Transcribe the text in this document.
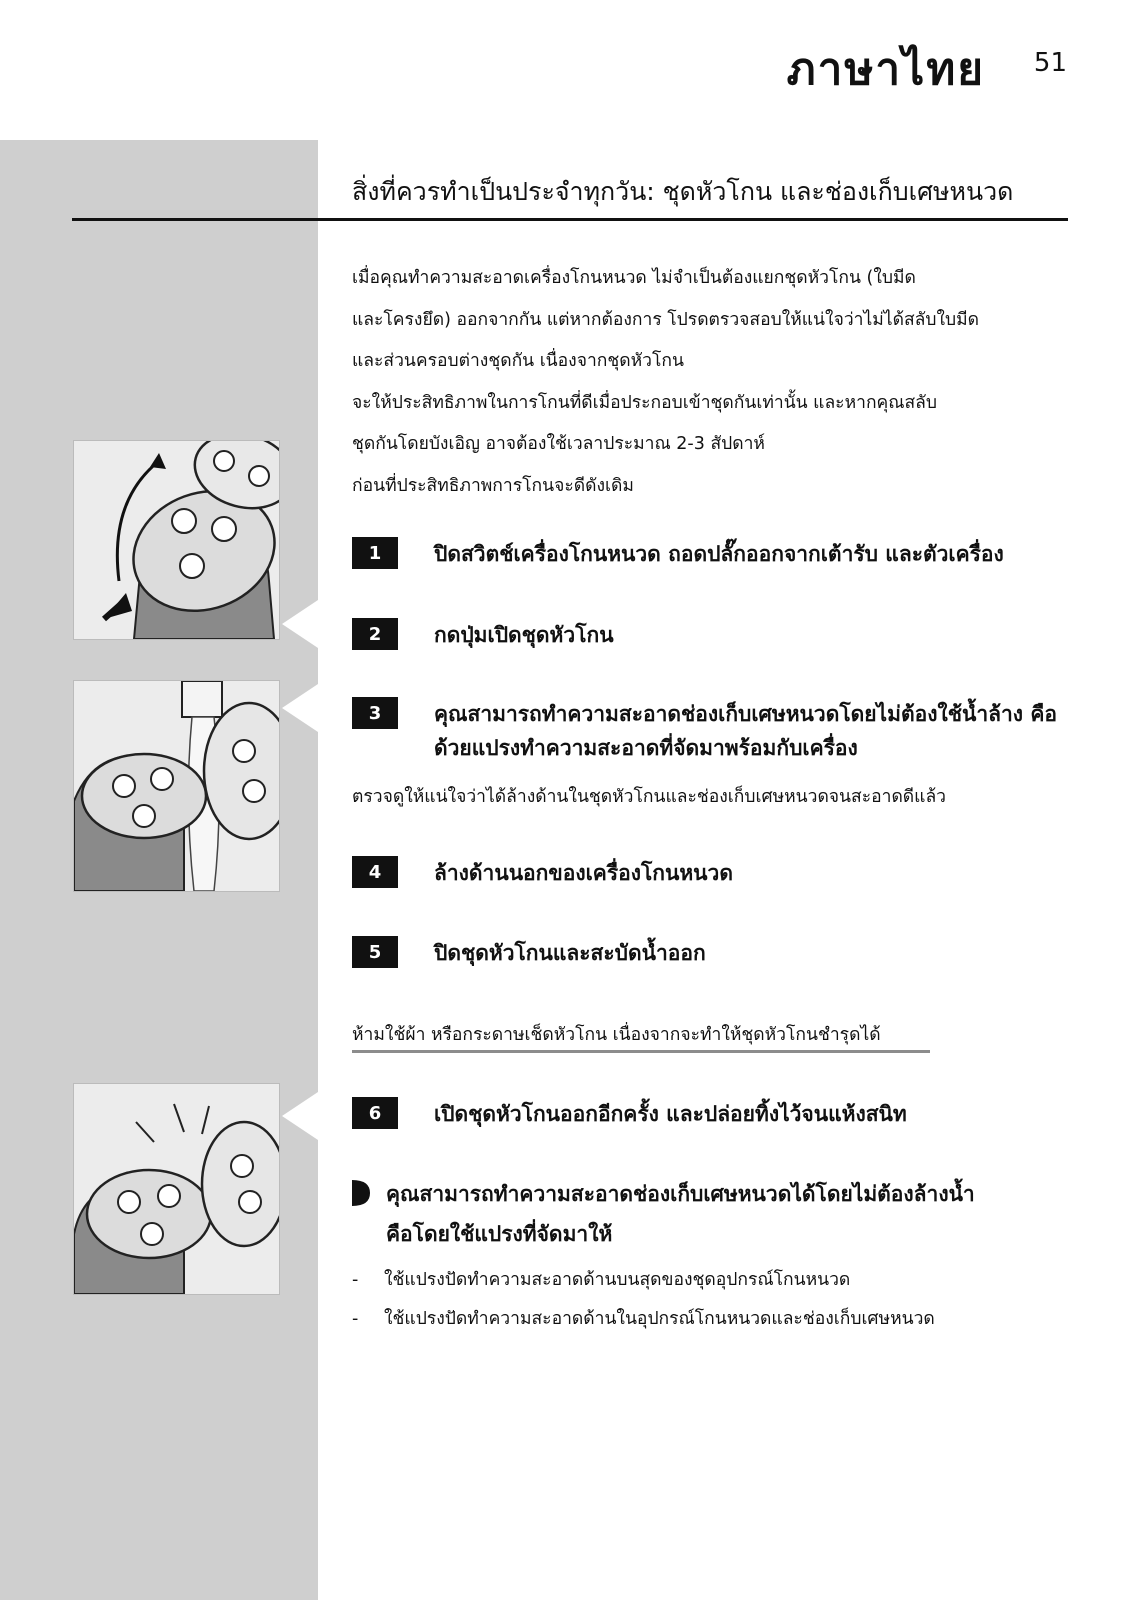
ภาษาไทย 51
สิ่งที่ควรทำเป็นประจำทุกวัน: ชุดหัวโกน และช่องเก็บเศษหนวด
เมื่อคุณทำความสะอาดเครื่องโกนหนวด ไม่จำเป็นต้องแยกชุดหัวโกน (ใบมีด
และโครงยึด) ออกจากกัน แต่หากต้องการ โปรดตรวจสอบให้แน่ใจว่าไม่ได้สลับใบมีด
และส่วนครอบต่างชุดกัน เนื่องจากชุดหัวโกน
จะให้ประสิทธิภาพในการโกนที่ดีเมื่อประกอบเข้าชุดกันเท่านั้น และหากคุณสลับ
ชุดกันโดยบังเอิญ อาจต้องใช้เวลาประมาณ 2-3 สัปดาห์
ก่อนที่ประสิทธิภาพการโกนจะดีดังเดิม
1	ปิดสวิตช์เครื่องโกนหนวด ถอดปลั๊กออกจากเต้ารับ และตัวเครื่อง
2	กดปุ่มเปิดชุดหัวโกน
3	คุณสามารถทำความสะอาดช่องเก็บเศษหนวดโดยไม่ต้องใช้น้ำล้าง คือ
ด้วยแปรงทำความสะอาดที่จัดมาพร้อมกับเครื่อง
ตรวจดูให้แน่ใจว่าได้ล้างด้านในชุดหัวโกนและช่องเก็บเศษหนวดจนสะอาดดีแล้ว
4	ล้างด้านนอกของเครื่องโกนหนวด
5	ปิดชุดหัวโกนและสะบัดน้ำออก
ห้ามใช้ผ้า หรือกระดาษเช็ดหัวโกน เนื่องจากจะทำให้ชุดหัวโกนชำรุดได้
6	เปิดชุดหัวโกนออกอีกครั้ง และปล่อยทิ้งไว้จนแห้งสนิท
คุณสามารถทำความสะอาดช่องเก็บเศษหนวดได้โดยไม่ต้องล้างน้ำ
คือโดยใช้แปรงที่จัดมาให้
- ใช้แปรงปัดทำความสะอาดด้านบนสุดของชุดอุปกรณ์โกนหนวด
- ใช้แปรงปัดทำความสะอาดด้านในอุปกรณ์โกนหนวดและช่องเก็บเศษหนวด
